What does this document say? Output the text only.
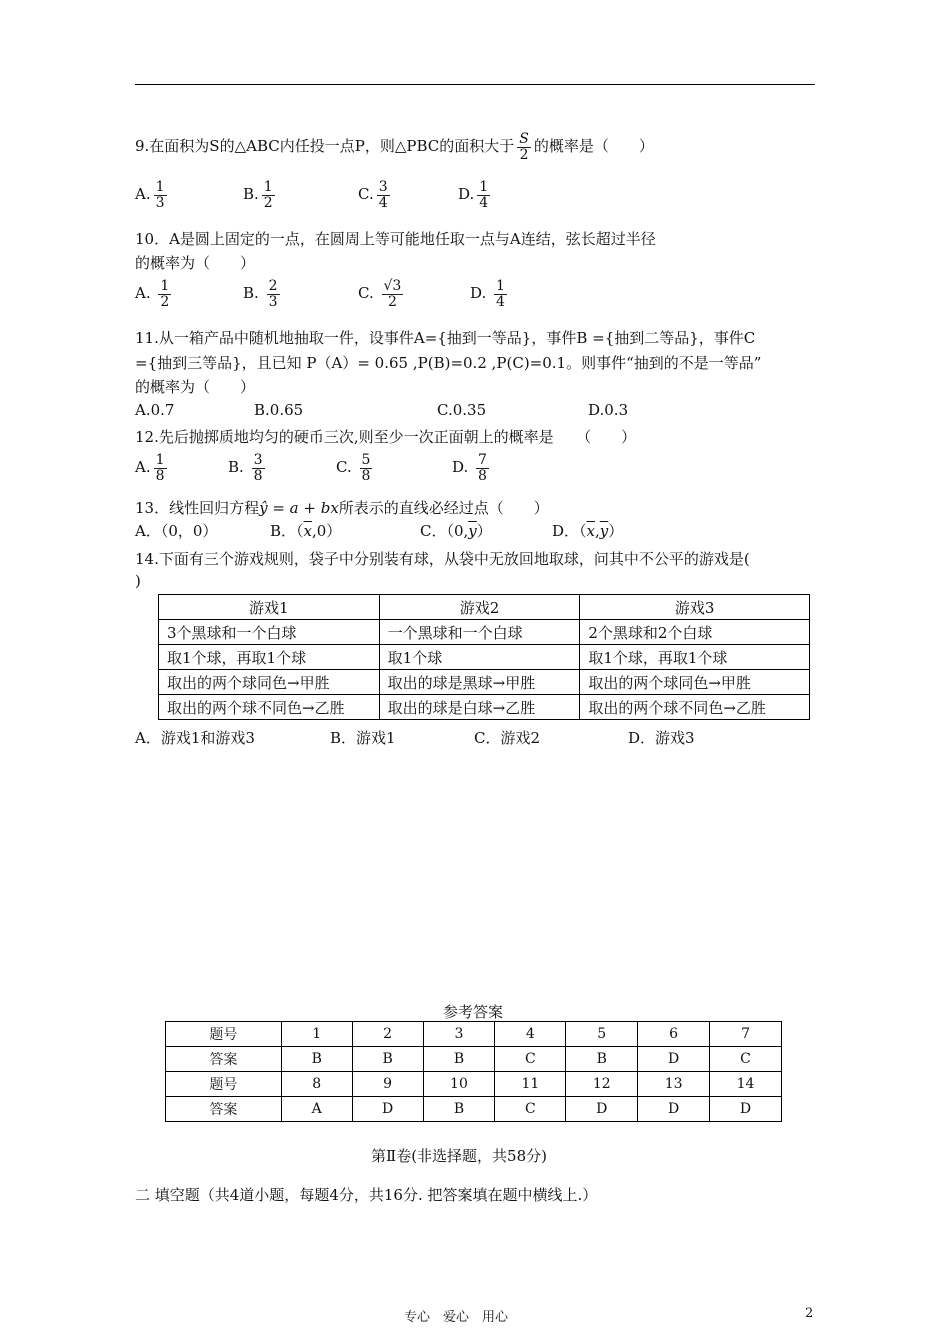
9.在面积为S的△ABC内任投一点P，则△PBC的面积大于 $\frac{S}{2}$ 的概率是（　　）
A. $\frac{1}{3}$	B. $\frac{1}{2}$	C. $\frac{3}{4}$	D. $\frac{1}{4}$
10．A是圆上固定的一点，在圆周上等可能地任取一点与A连结，弦长超过半径
的概率为（　　）
A. $\frac{1}{2}$	B. $\frac{2}{3}$	C. $\frac{√3}{2}$	D. $\frac{1}{4}$
11.从一箱产品中随机地抽取一件，设事件A={抽到一等品}，事件B ={抽到二等品}，事件C
={抽到三等品}，且已知 P（A）= 0.65 ,P(B)=0.2 ,P(C)=0.1。则事件“抽到的不是一等品”
的概率为（　　）
A.0.7	B.0.65	C.0.35	D.0.3
12.先后抛掷质地均匀的硬币三次,则至少一次正面朝上的概率是　　（　　）
A. $\frac{1}{8}$	B. $\frac{3}{8}$	C. $\frac{5}{8}$	D. $\frac{7}{8}$
13．线性回归方程ŷ = a + bx所表示的直线必经过点（　　）
A．（0，0）	B．$(\overline{x},0)$	C．$(0,\overline{y})$	D．$(\overline{x},\overline{y})$
14.下面有三个游戏规则，袋子中分别装有球，从袋中无放回地取球，问其中不公平的游戏是(
)
游戏1	游戏2	游戏3
3个黑球和一个白球	一个黑球和一个白球	2个黑球和2个白球
取1个球，再取1个球	取1个球	取1个球，再取1个球
取出的两个球同色→甲胜	取出的球是黑球→甲胜	取出的两个球同色→甲胜
取出的两个球不同色→乙胜	取出的球是白球→乙胜	取出的两个球不同色→乙胜
A．游戏1和游戏3	B．游戏1	C．游戏2	D．游戏3
参考答案
题号	1	2	3	4	5	6	7
答案	B	B	B	C	B	D	C
题号	8	9	10	11	12	13	14
答案	A	D	B	C	D	D	D
第Ⅱ卷(非选择题，共58分)
二 填空题（共4道小题，每题4分，共16分. 把答案填在题中横线上.）
专心　爱心　用心	2
